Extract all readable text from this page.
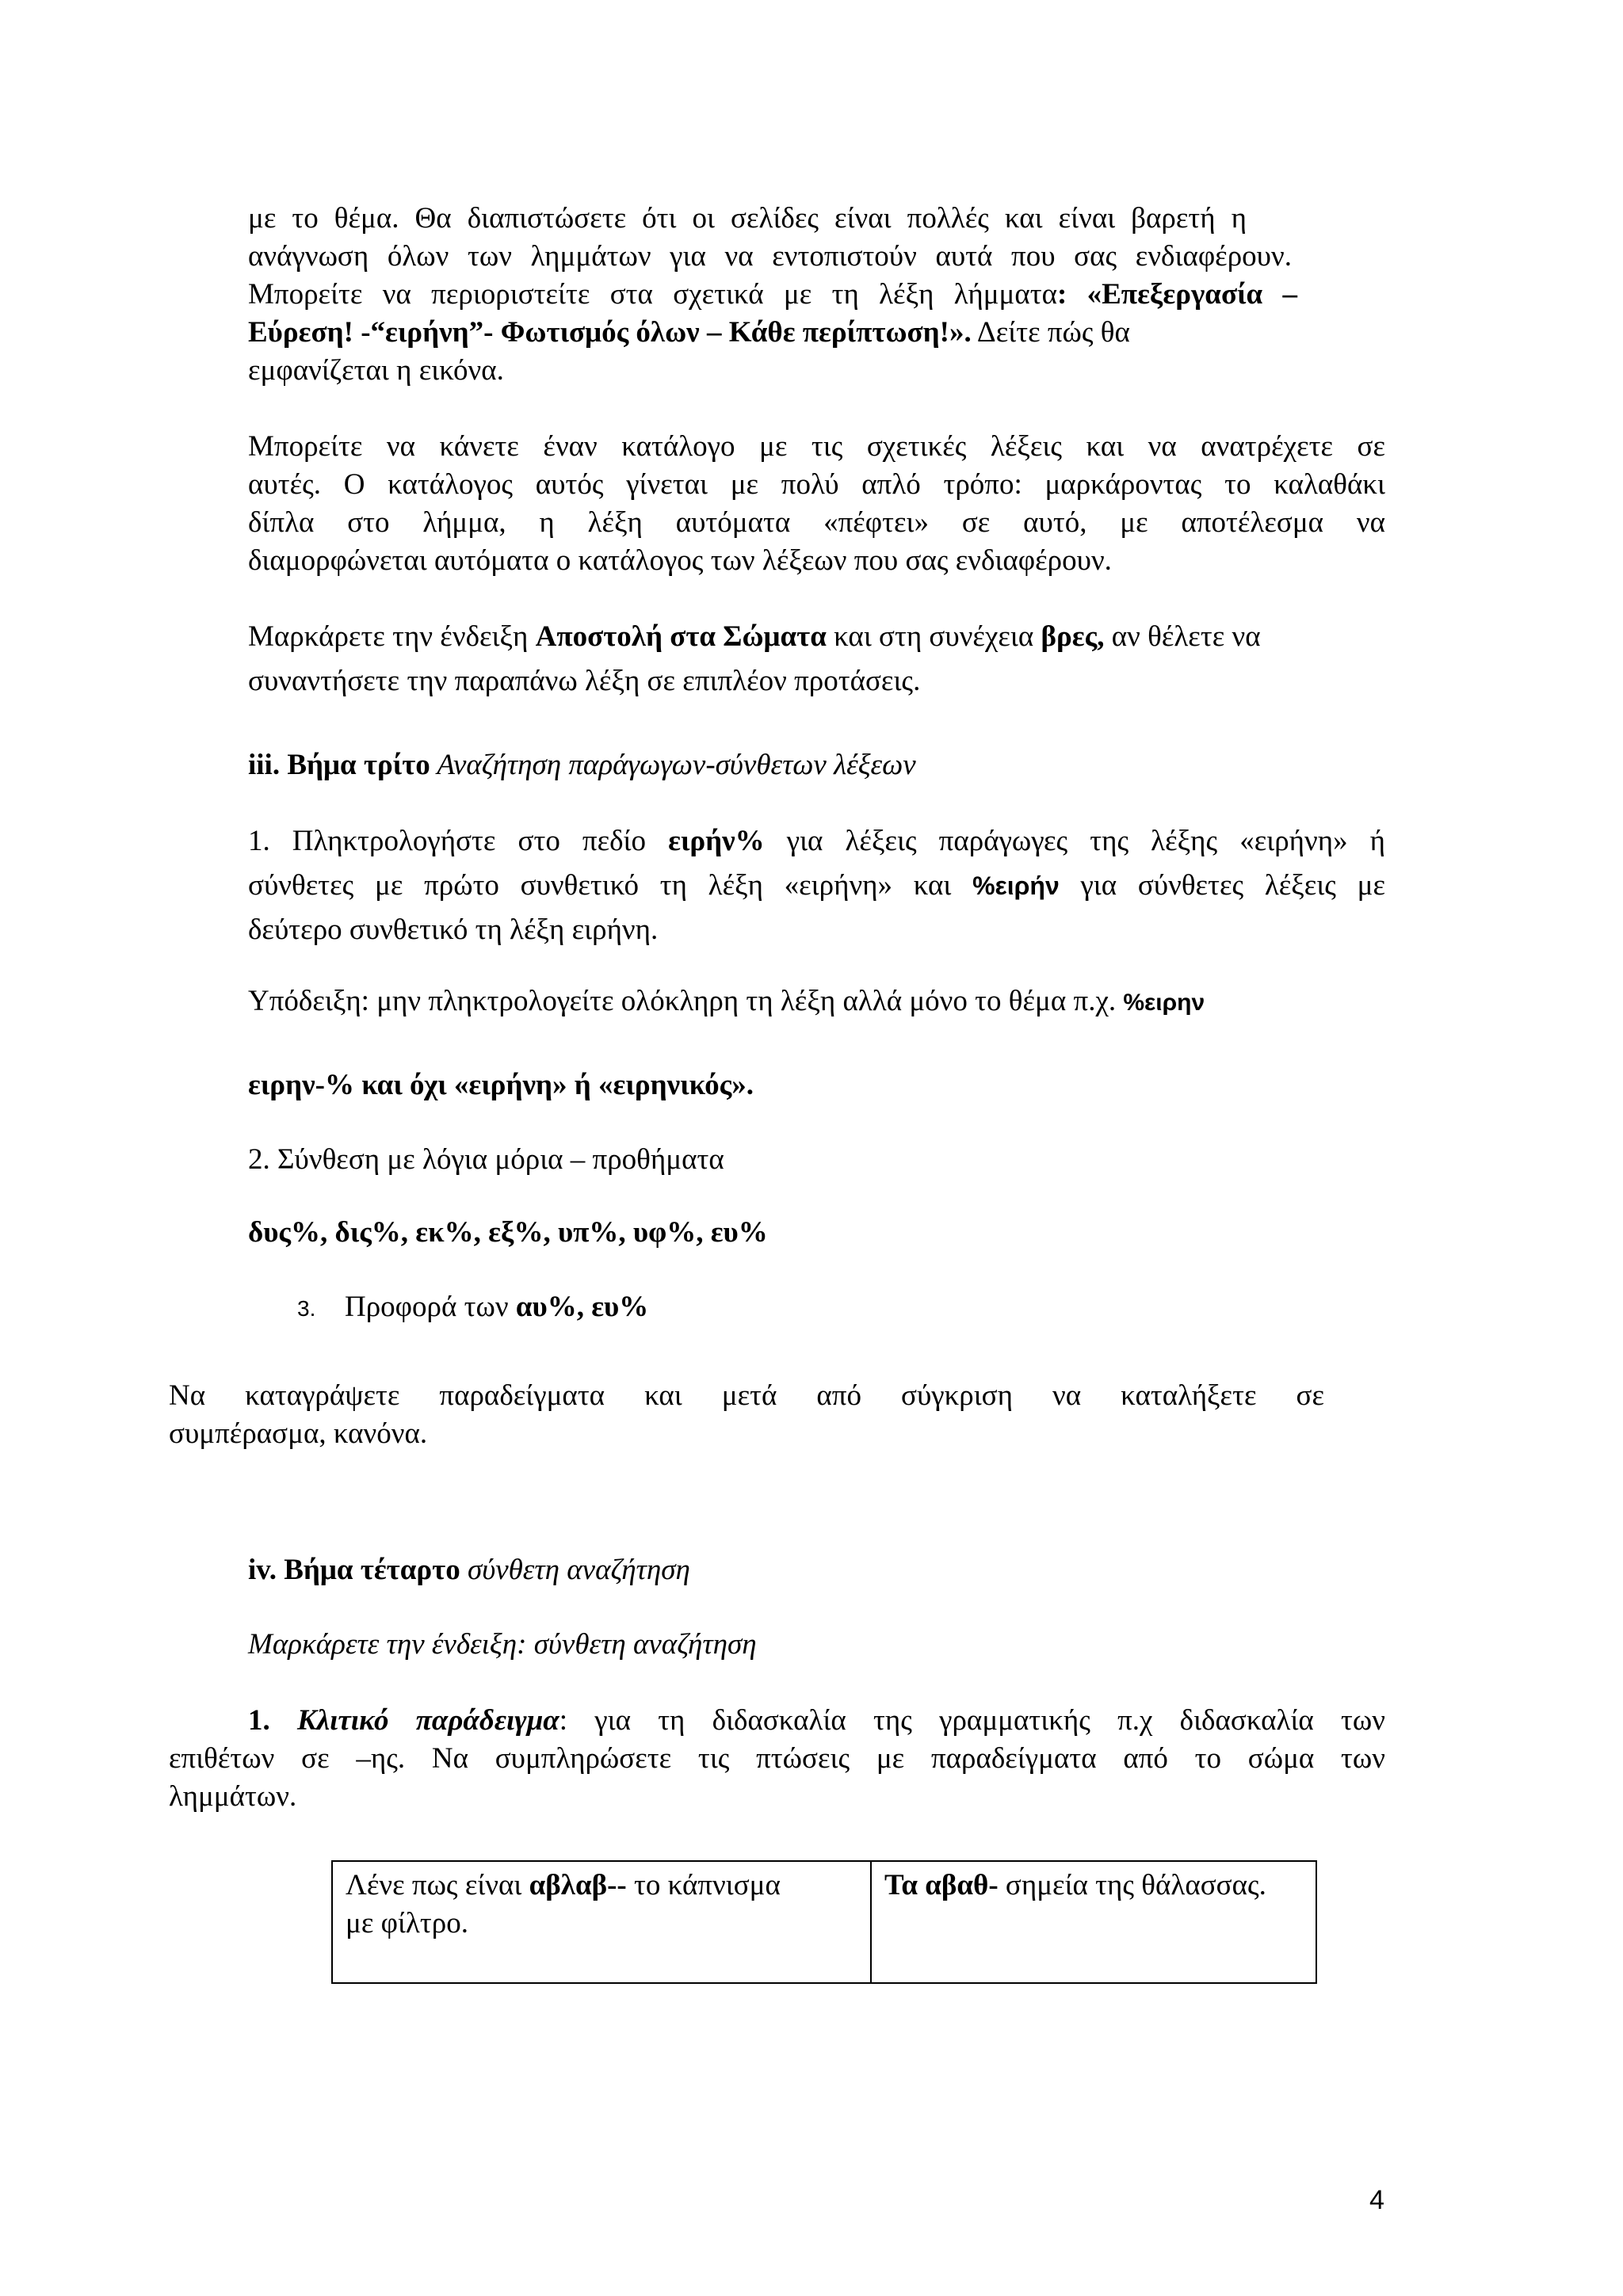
με το θέμα. Θα διαπιστώσετε ότι οι σελίδες είναι πολλές και είναι βαρετή η
ανάγνωση όλων των λημμάτων για να εντοπιστούν αυτά που σας ενδιαφέρουν.
Μπορείτε να περιοριστείτε στα σχετικά με τη λέξη λήμματα: «Επεξεργασία –
Εύρεση! -“ειρήνη”- Φωτισμός όλων – Κάθε περίπτωση!». Δείτε πώς θα
εμφανίζεται η εικόνα.
Μπορείτε να κάνετε έναν κατάλογο με τις σχετικές λέξεις και να ανατρέχετε σε
αυτές. Ο κατάλογος αυτός γίνεται με πολύ απλό τρόπο: μαρκάροντας το καλαθάκι
δίπλα στο λήμμα, η λέξη αυτόματα «πέφτει» σε αυτό, με αποτέλεσμα να
διαμορφώνεται αυτόματα ο κατάλογος των λέξεων που σας ενδιαφέρουν.
Μαρκάρετε την ένδειξη Αποστολή στα Σώματα και στη συνέχεια βρες, αν θέλετε να
συναντήσετε την παραπάνω λέξη σε επιπλέον προτάσεις.
iii. Βήμα τρίτο Αναζήτηση παράγωγων-σύνθετων λέξεων
1. Πληκτρολογήστε στο πεδίο ειρήν% για λέξεις παράγωγες της λέξης «ειρήνη» ή
σύνθετες με πρώτο συνθετικό τη λέξη «ειρήνη» και %ειρήν για σύνθετες λέξεις με
δεύτερο συνθετικό τη λέξη ειρήνη.
Υπόδειξη: μην πληκτρολογείτε ολόκληρη τη λέξη αλλά μόνο το θέμα π.χ. %ειρην
ειρην-% και όχι «ειρήνη» ή «ειρηνικός».
2. Σύνθεση με λόγια μόρια – προθήματα
δυς%, δις%, εκ%, εξ%, υπ%, υφ%, ευ%
3. Προφορά των αυ%, ευ%
Να καταγράψετε παραδείγματα και μετά από σύγκριση να καταλήξετε σε
συμπέρασμα, κανόνα.
iv. Βήμα τέταρτο σύνθετη αναζήτηση
Μαρκάρετε την ένδειξη: σύνθετη αναζήτηση
1. Κλιτικό παράδειγμα: για τη διδασκαλία της γραμματικής π.χ διδασκαλία των
επιθέτων σε –ης. Να συμπληρώσετε τις πτώσεις με παραδείγματα από το σώμα των
λημμάτων.
Λένε πως είναι αβλαβ-- το κάπνισμα
με φίλτρο.	Τα αβαθ- σημεία της θάλασσας.
4
